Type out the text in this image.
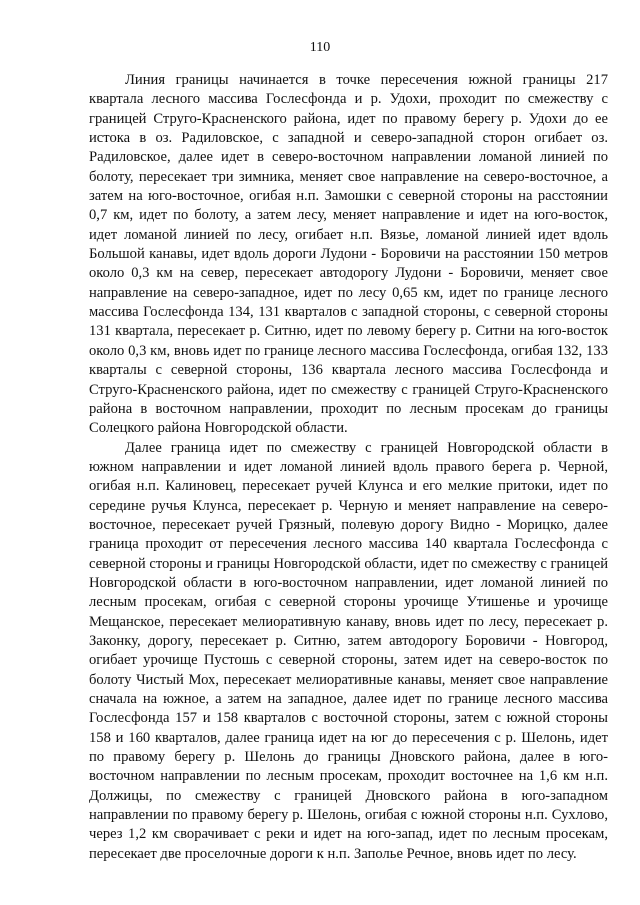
110

Линия границы начинается в точке пересечения южной границы 217 квартала лесного массива Гослесфонда и р. Удохи, проходит по смежеству с границей Струго-Красненского района, идет по правому берегу р. Удохи до ее истока в оз. Радиловское, с западной и северо-западной сторон огибает оз. Радиловское, далее идет в северо-восточном направлении ломаной линией по болоту, пересекает три зимника, меняет свое направление на северо-восточное, а затем на юго-восточное, огибая н.п. Замошки с северной стороны на расстоянии 0,7 км, идет по болоту, а затем лесу, меняет направление и идет на юго-восток, идет ломаной линией по лесу, огибает н.п. Вязье, ломаной линией идет вдоль Большой канавы, идет вдоль дороги Лудони - Боровичи на расстоянии 150 метров около 0,3 км на север, пересекает автодорогу Лудони - Боровичи, меняет свое направление на северо-западное, идет по лесу 0,65 км, идет по границе лесного массива Гослесфонда 134, 131 кварталов с западной стороны, с северной стороны 131 квартала, пересекает р. Ситню, идет по левому берегу р. Ситни на юго-восток около 0,3 км, вновь идет по границе лесного массива Гослесфонда, огибая 132, 133 кварталы с северной стороны, 136 квартала лесного массива Гослесфонда и Струго-Красненского района, идет по смежеству с границей Струго-Красненского района в восточном направлении, проходит по лесным просекам до границы Солецкого района Новгородской области.

Далее граница идет по смежеству с границей Новгородской области в южном направлении и идет ломаной линией вдоль правого берега р. Черной, огибая н.п. Калиновец, пересекает ручей Клунса и его мелкие притоки, идет по середине ручья Клунса, пересекает р. Черную и меняет направление на северо-восточное, пересекает ручей Грязный, полевую дорогу Видно - Морицко, далее граница проходит от пересечения лесного массива 140 квартала Гослесфонда с северной стороны и границы Новгородской области, идет по смежеству с границей Новгородской области в юго-восточном направлении, идет ломаной линией по лесным просекам, огибая с северной стороны урочище Утишенье и урочище Мещанское, пересекает мелиоративную канаву, вновь идет по лесу, пересекает р. Законку, дорогу, пересекает р. Ситню, затем автодорогу Боровичи - Новгород, огибает урочище Пустошь с северной стороны, затем идет на северо-восток по болоту Чистый Мох, пересекает мелиоративные канавы, меняет свое направление сначала на южное, а затем на западное, далее идет по границе лесного массива Гослесфонда 157 и 158 кварталов с восточной стороны, затем с южной стороны 158 и 160 кварталов, далее граница идет на юг до пересечения с р. Шелонь, идет по правому берегу р. Шелонь до границы Дновского района, далее в юго-восточном направлении по лесным просекам, проходит восточнее на 1,6 км н.п. Должицы, по смежеству с границей Дновского района в юго-западном направлении по правому берегу р. Шелонь, огибая с южной стороны н.п. Сухлово, через 1,2 км сворачивает с реки и идет на юго-запад, идет по лесным просекам, пересекает две проселочные дороги к н.п. Заполье Речное, вновь идет по лесу.
